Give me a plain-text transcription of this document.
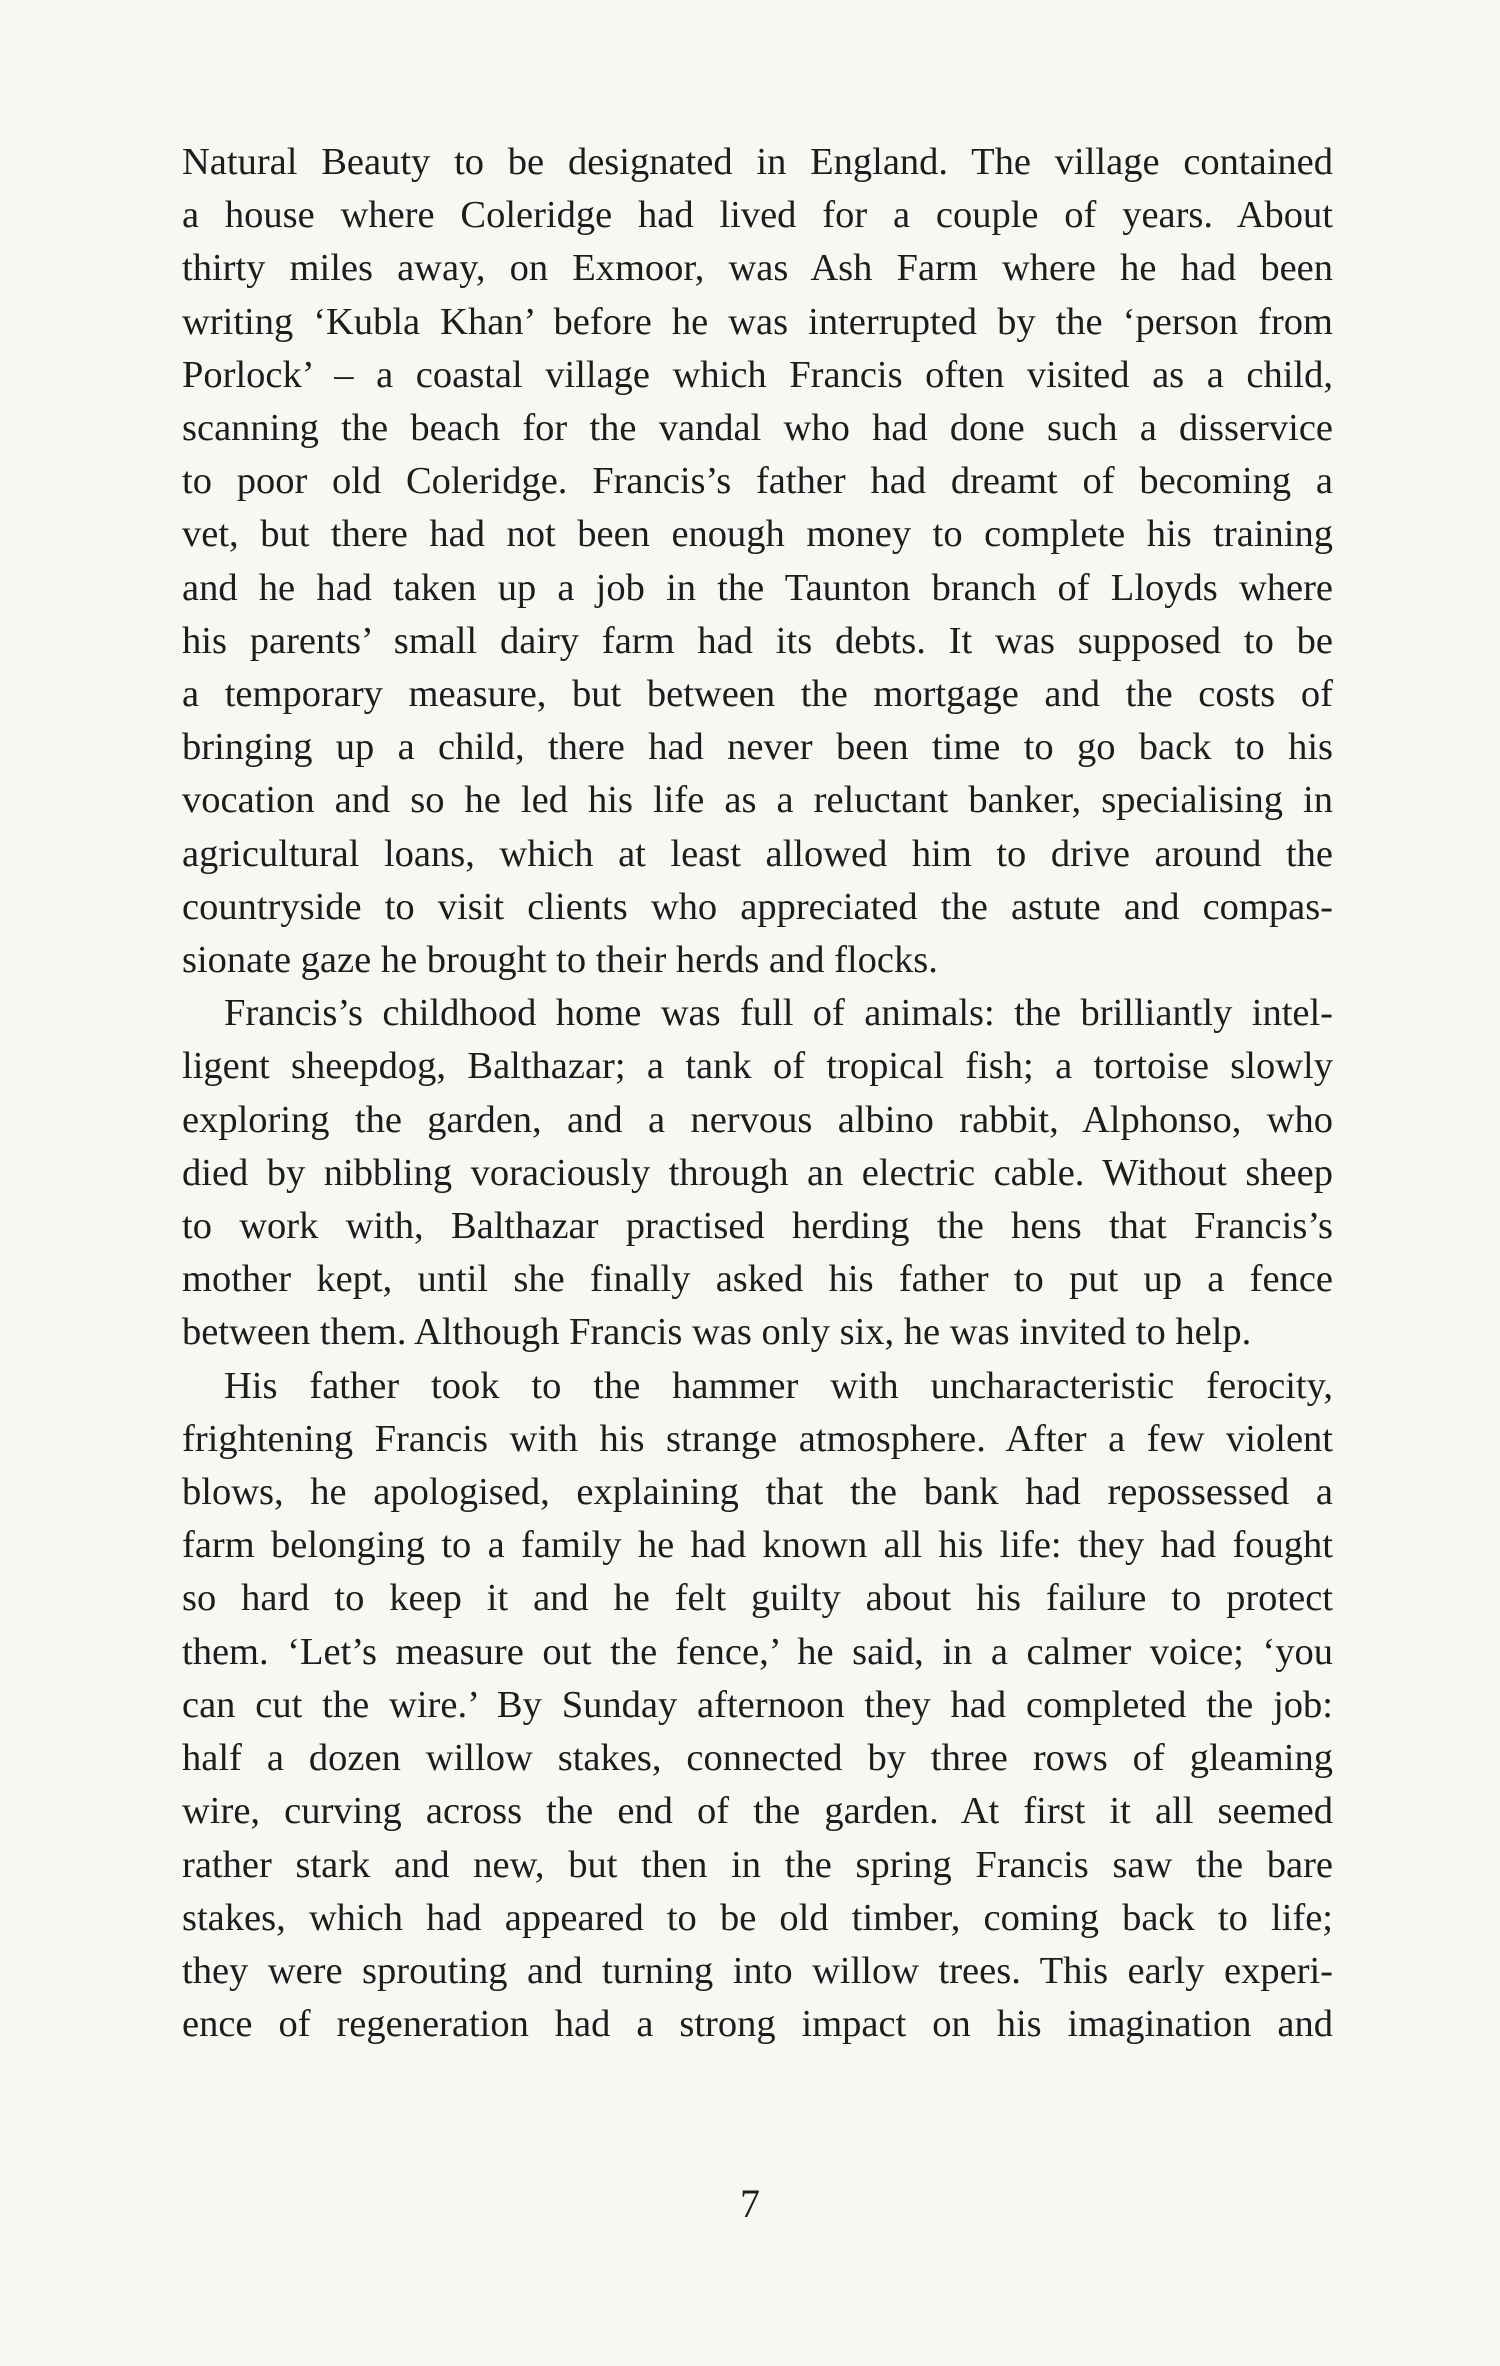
Natural Beauty to be designated in England. The village contained
a house where Coleridge had lived for a couple of years. About
thirty miles away, on Exmoor, was Ash Farm where he had been
writing ‘Kubla Khan’ before he was interrupted by the ‘person from
Porlock’ – a coastal village which Francis often visited as a child,
scanning the beach for the vandal who had done such a disservice
to poor old Coleridge. Francis’s father had dreamt of becoming a
vet, but there had not been enough money to complete his training
and he had taken up a job in the Taunton branch of Lloyds where
his parents’ small dairy farm had its debts. It was supposed to be
a temporary measure, but between the mortgage and the costs of
bringing up a child, there had never been time to go back to his
vocation and so he led his life as a reluctant banker, specialising in
agricultural loans, which at least allowed him to drive around the
countryside to visit clients who appreciated the astute and compas-
sionate gaze he brought to their herds and flocks.
Francis’s childhood home was full of animals: the brilliantly intel-
ligent sheepdog, Balthazar; a tank of tropical fish; a tortoise slowly
exploring the garden, and a nervous albino rabbit, Alphonso, who
died by nibbling voraciously through an electric cable. Without sheep
to work with, Balthazar practised herding the hens that Francis’s
mother kept, until she finally asked his father to put up a fence
between them. Although Francis was only six, he was invited to help.
His father took to the hammer with uncharacteristic ferocity,
frightening Francis with his strange atmosphere. After a few violent
blows, he apologised, explaining that the bank had repossessed a
farm belonging to a family he had known all his life: they had fought
so hard to keep it and he felt guilty about his failure to protect
them. ‘Let’s measure out the fence,’ he said, in a calmer voice; ‘you
can cut the wire.’ By Sunday afternoon they had completed the job:
half a dozen willow stakes, connected by three rows of gleaming
wire, curving across the end of the garden. At first it all seemed
rather stark and new, but then in the spring Francis saw the bare
stakes, which had appeared to be old timber, coming back to life;
they were sprouting and turning into willow trees. This early experi-
ence of regeneration had a strong impact on his imagination and
7
